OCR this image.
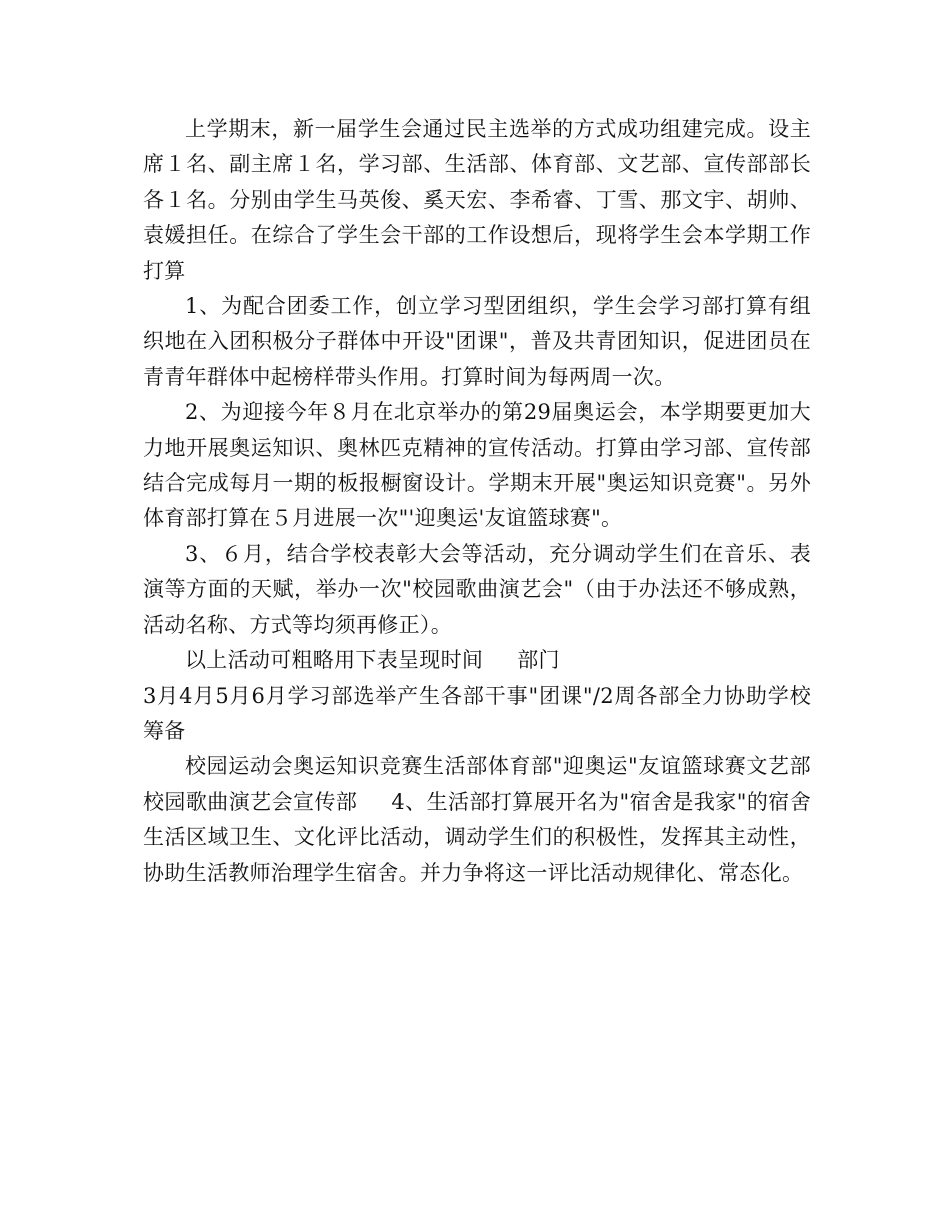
上学期末，新一届学生会通过民主选举的方式成功组建完成。设主席１名、副主席１名，学习部、生活部、体育部、文艺部、宣传部部长各１名。分别由学生马英俊、奚天宏、李希睿、丁雪、那文宇、胡帅、袁媛担任。在综合了学生会干部的工作设想后，现将学生会本学期工作打算

1、为配合团委工作，创立学习型团组织，学生会学习部打算有组织地在入团积极分子群体中开设"团课"，普及共青团知识，促进团员在青青年群体中起榜样带头作用。打算时间为每两周一次。

2、为迎接今年８月在北京举办的第29届奥运会，本学期要更加大力地开展奥运知识、奥林匹克精神的宣传活动。打算由学习部、宣传部结合完成每月一期的板报橱窗设计。学期末开展"奥运知识竞赛"。另外体育部打算在５月进展一次"'迎奥运'友谊篮球赛"。

3、６月，结合学校表彰大会等活动，充分调动学生们在音乐、表演等方面的天赋，举办一次"校园歌曲演艺会"（由于办法还不够成熟，活动名称、方式等均须再修正）。

以上活动可粗略用下表呈现时间 部门

3月4月5月6月学习部选举产生各部干事"团课"/2周各部全力协助学校筹备

校园运动会奥运知识竞赛生活部体育部"迎奥运"友谊篮球赛文艺部校园歌曲演艺会宣传部 4、生活部打算展开名为"宿舍是我家"的宿舍生活区域卫生、文化评比活动，调动学生们的积极性，发挥其主动性，协助生活教师治理学生宿舍。并力争将这一评比活动规律化、常态化。
